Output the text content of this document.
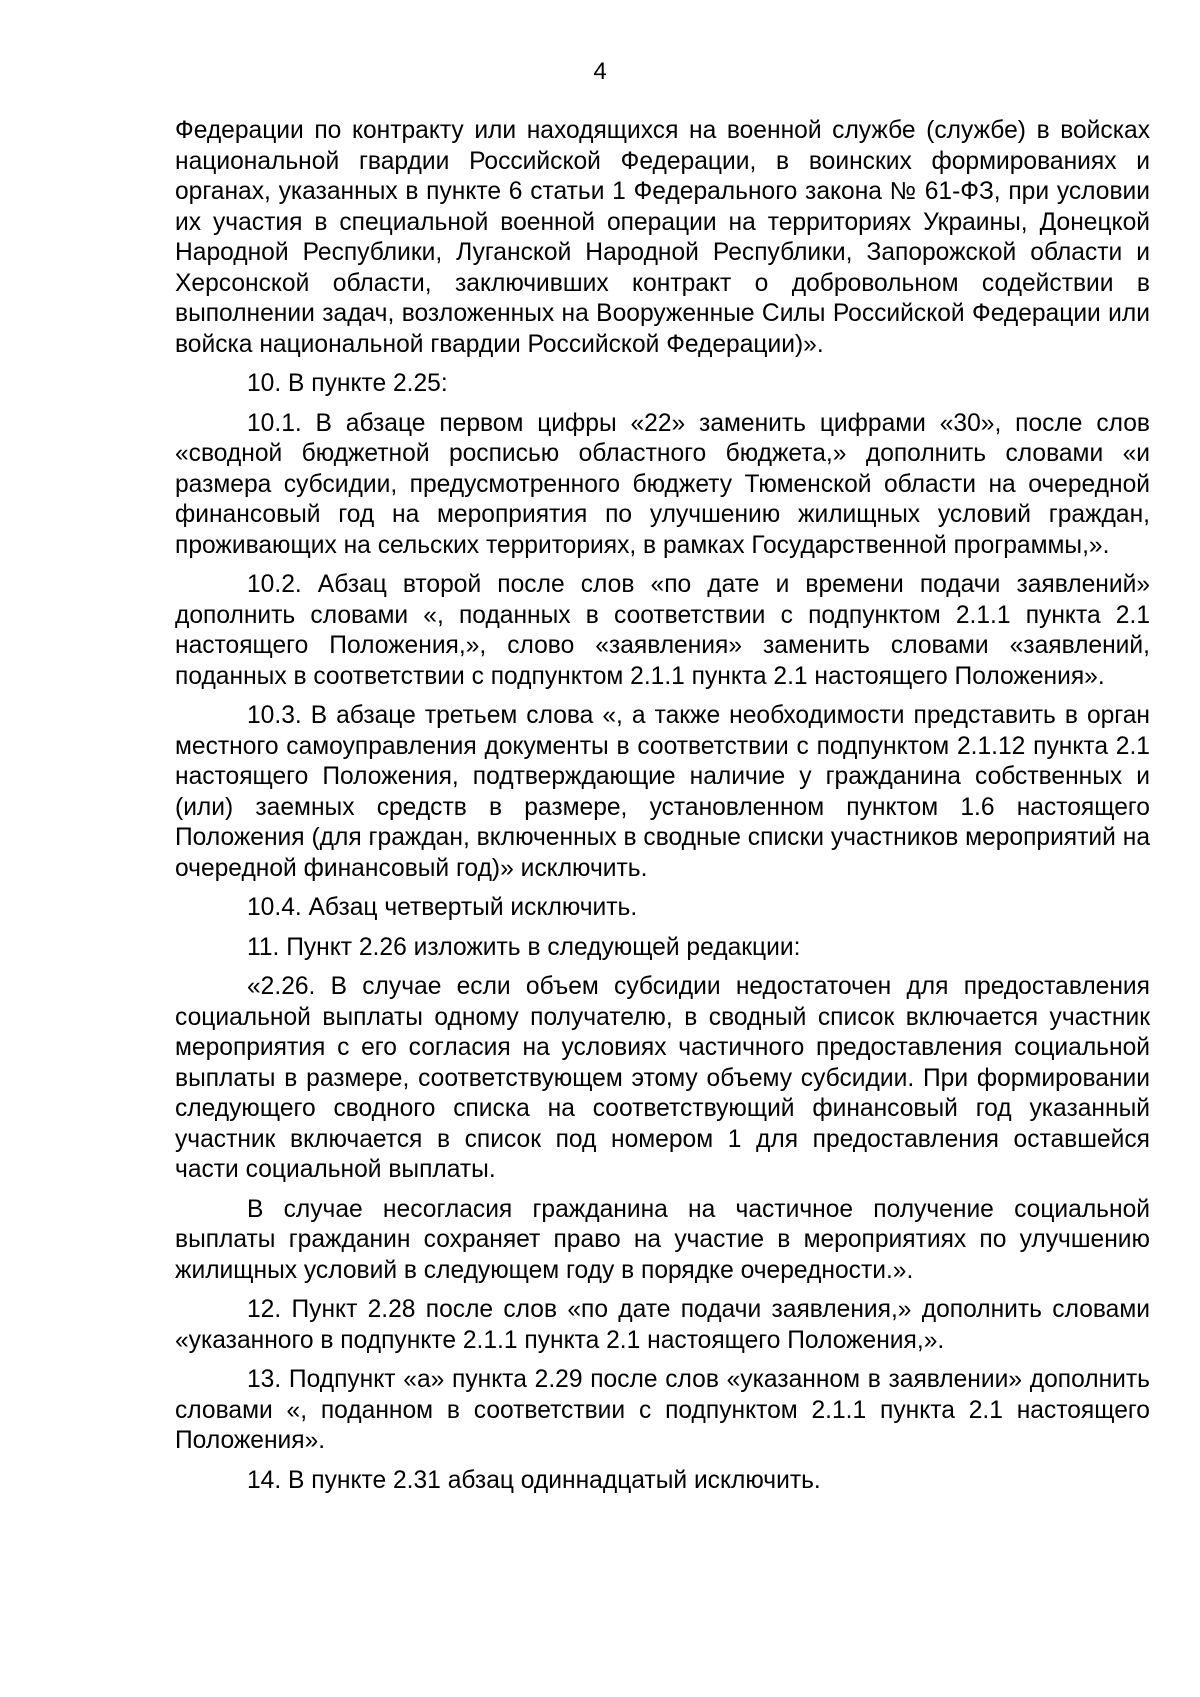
4

Федерации по контракту или находящихся на военной службе (службе) в войсках национальной гвардии Российской Федерации, в воинских формированиях и органах, указанных в пункте 6 статьи 1 Федерального закона № 61-ФЗ, при условии их участия в специальной военной операции на территориях Украины, Донецкой Народной Республики, Луганской Народной Республики, Запорожской области и Херсонской области, заключивших контракт о добровольном содействии в выполнении задач, возложенных на Вооруженные Силы Российской Федерации или войска национальной гвардии Российской Федерации)».

10. В пункте 2.25:

10.1. В абзаце первом цифры «22» заменить цифрами «30», после слов «сводной бюджетной росписью областного бюджета,» дополнить словами «и размера субсидии, предусмотренного бюджету Тюменской области на очередной финансовый год на мероприятия по улучшению жилищных условий граждан, проживающих на сельских территориях, в рамках Государственной программы,».

10.2. Абзац второй после слов «по дате и времени подачи заявлений» дополнить словами «, поданных в соответствии с подпунктом 2.1.1 пункта 2.1 настоящего Положения,», слово «заявления» заменить словами «заявлений, поданных в соответствии с подпунктом 2.1.1 пункта 2.1 настоящего Положения».

10.3. В абзаце третьем слова «, а также необходимости представить в орган местного самоуправления документы в соответствии с подпунктом 2.1.12 пункта 2.1 настоящего Положения, подтверждающие наличие у гражданина собственных и (или) заемных средств в размере, установленном пунктом 1.6 настоящего Положения (для граждан, включенных в сводные списки участников мероприятий на очередной финансовый год)» исключить.

10.4. Абзац четвертый исключить.

11. Пункт 2.26 изложить в следующей редакции:

«2.26. В случае если объем субсидии недостаточен для предоставления социальной выплаты одному получателю, в сводный список включается участник мероприятия с его согласия на условиях частичного предоставления социальной выплаты в размере, соответствующем этому объему субсидии. При формировании следующего сводного списка на соответствующий финансовый год указанный участник включается в список под номером 1 для предоставления оставшейся части социальной выплаты.

В случае несогласия гражданина на частичное получение социальной выплаты гражданин сохраняет право на участие в мероприятиях по улучшению жилищных условий в следующем году в порядке очередности.».

12. Пункт 2.28 после слов «по дате подачи заявления,» дополнить словами «указанного в подпункте 2.1.1 пункта 2.1 настоящего Положения,».

13. Подпункт «а» пункта 2.29 после слов «указанном в заявлении» дополнить словами «, поданном в соответствии с подпунктом 2.1.1 пункта 2.1 настоящего Положения».

14. В пункте 2.31 абзац одиннадцатый исключить.
